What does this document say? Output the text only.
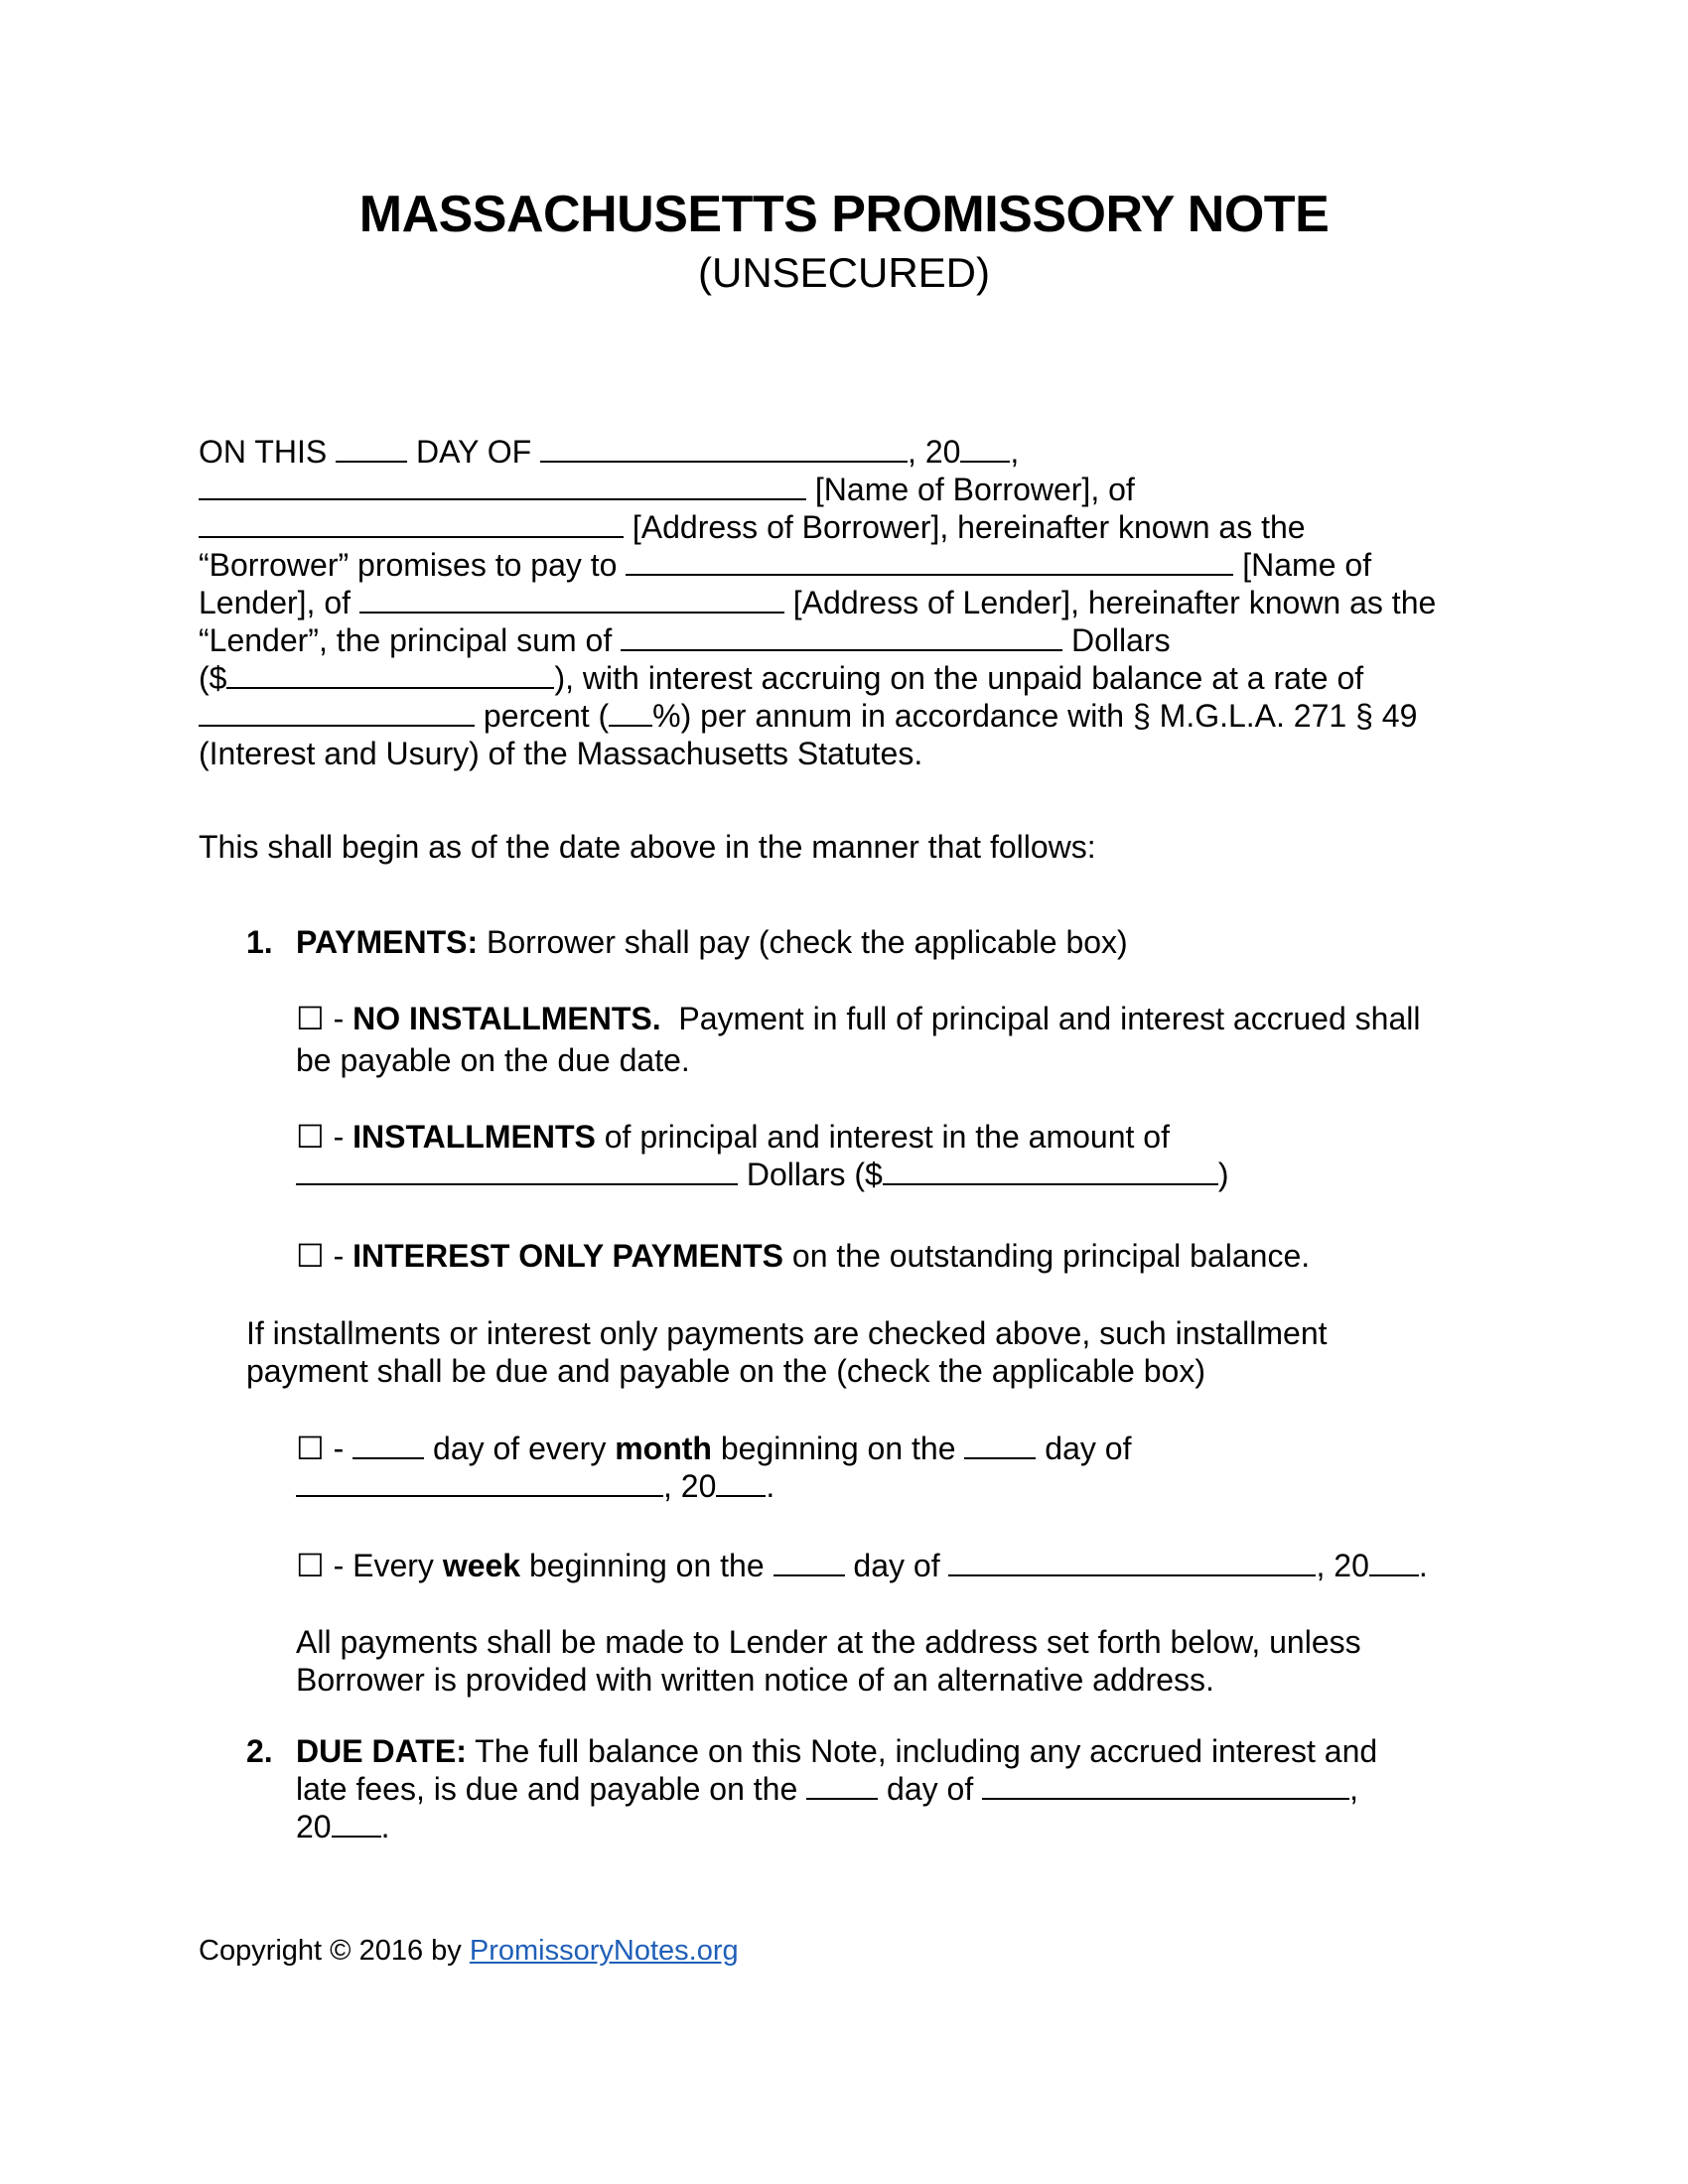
MASSACHUSETTS PROMISSORY NOTE
(UNSECURED)
ON THIS  DAY OF	, 20 ,
[Name of Borrower], of
[Address of Borrower], hereinafter known as the
“Borrower” promises to pay to	[Name of
Lender], of	[Address of Lender], hereinafter known as the
“Lender”, the principal sum of	Dollars
($	), with interest accruing on the unpaid balance at a rate of
percent ( %) per annum in accordance with § M.G.L.A. 271 § 49
(Interest and Usury) of the Massachusetts Statutes.
This shall begin as of the date above in the manner that follows:
1. PAYMENTS: Borrower shall pay (check the applicable box)
☐ - NO INSTALLMENTS.  Payment in full of principal and interest accrued shall
be payable on the due date.
☐ - INSTALLMENTS of principal and interest in the amount of
Dollars ($	)
☐ - INTEREST ONLY PAYMENTS on the outstanding principal balance.
If installments or interest only payments are checked above, such installment
payment shall be due and payable on the (check the applicable box)
☐ -  day of every month beginning on the  day of
, 20 .
☐ - Every week beginning on the  day of	, 20 .
All payments shall be made to Lender at the address set forth below, unless
Borrower is provided with written notice of an alternative address.
2. DUE DATE: The full balance on this Note, including any accrued interest and
late fees, is due and payable on the  day of	,
20 .
Copyright © 2016 by PromissoryNotes.org
